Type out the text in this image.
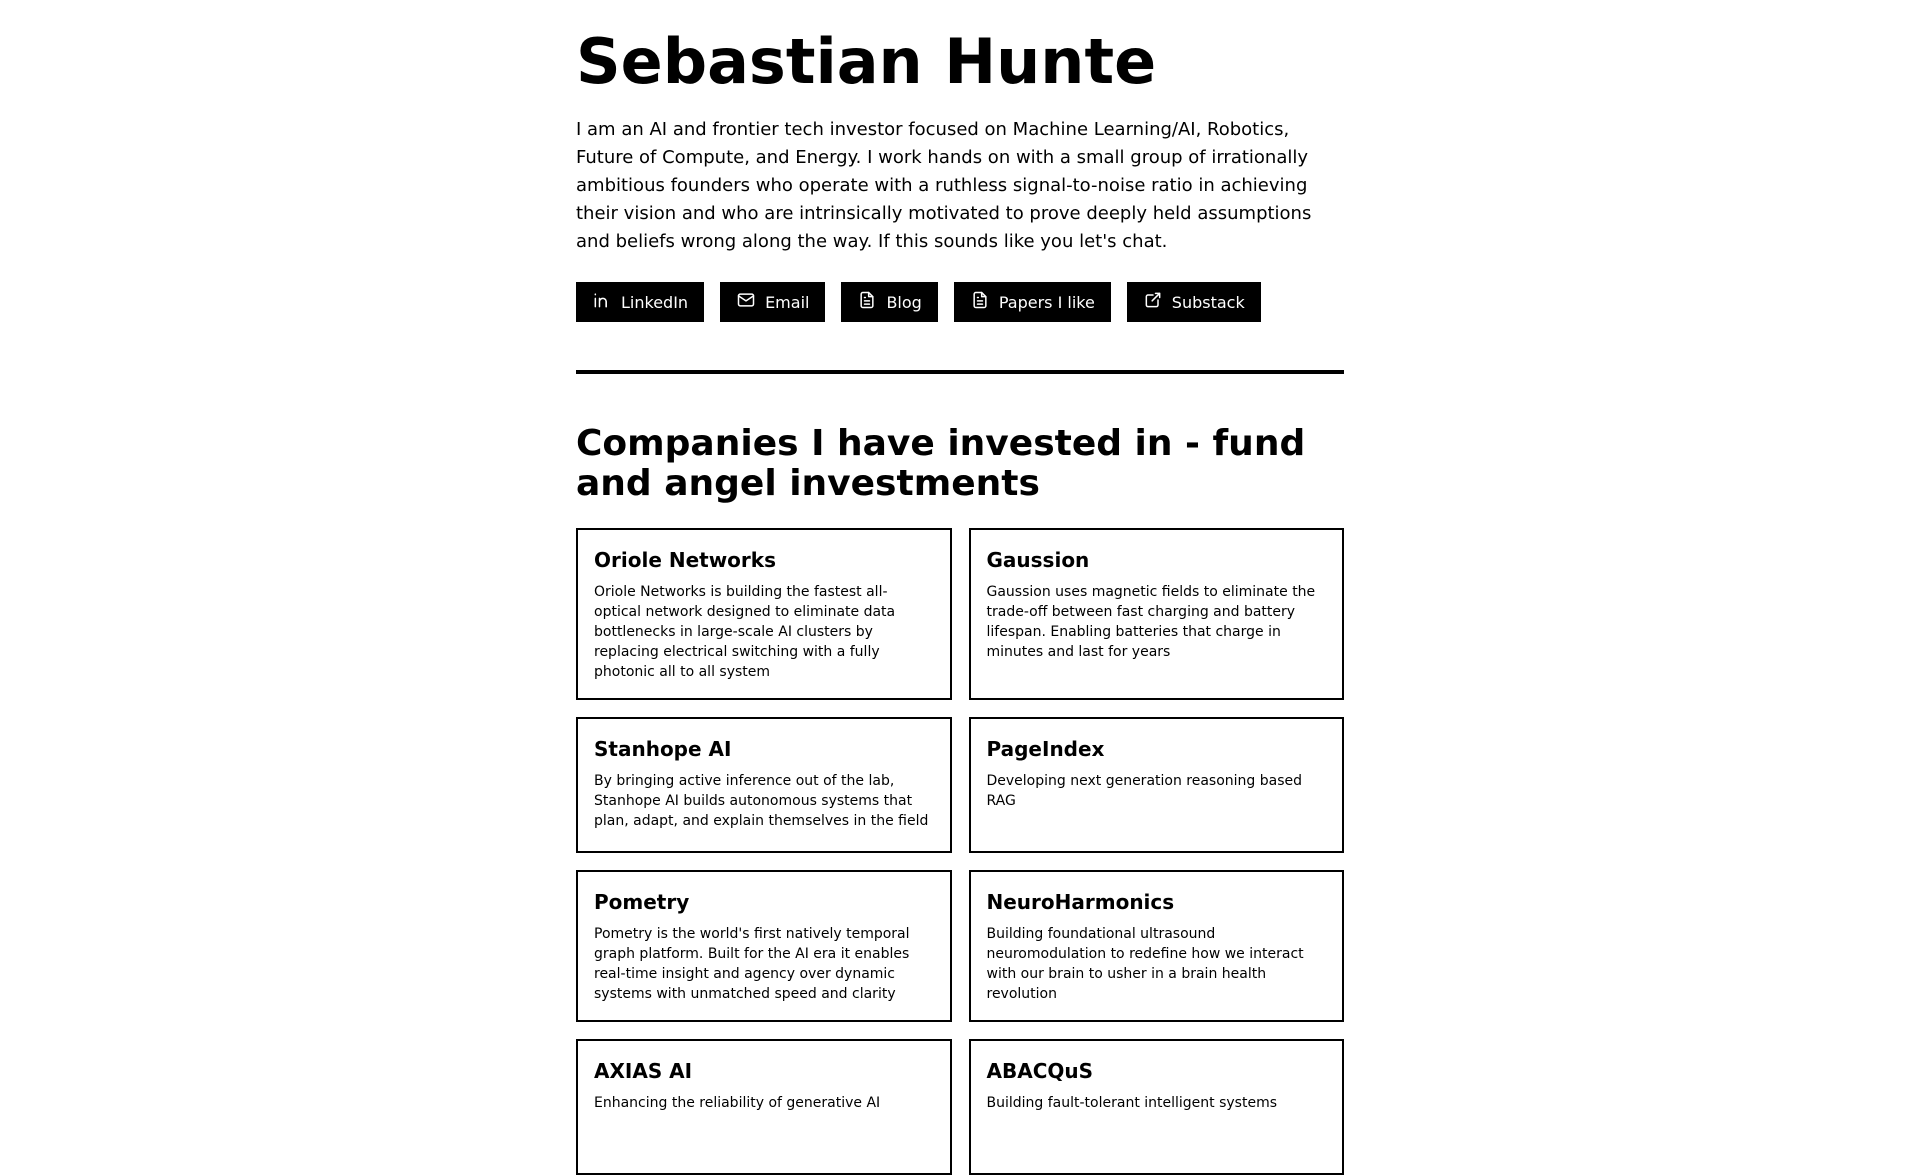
Sebastian Hunte

I am an AI and frontier tech investor focused on Machine Learning/AI, Robotics, Future of Compute, and Energy. I work hands on with a small group of irrationally ambitious founders who operate with a ruthless signal-to-noise ratio in achieving their vision and who are intrinsically motivated to prove deeply held assumptions and beliefs wrong along the way. If this sounds like you let's chat.

LinkedIn	Email	Blog	Papers I like	Substack
Companies I have invested in - fund and angel investments
Oriole Networks

Oriole Networks is building the fastest all-optical network designed to eliminate data bottlenecks in large-scale AI clusters by replacing electrical switching with a fully photonic all to all system

Gaussion

Gaussion uses magnetic fields to eliminate the trade-off between fast charging and battery lifespan. Enabling batteries that charge in minutes and last for years

Stanhope AI

By bringing active inference out of the lab, Stanhope AI builds autonomous systems that plan, adapt, and explain themselves in the field

PageIndex

Developing next generation reasoning based RAG

Pometry

Pometry is the world's first natively temporal graph platform. Built for the AI era it enables real-time insight and agency over dynamic systems with unmatched speed and clarity

NeuroHarmonics

Building foundational ultrasound neuromodulation to redefine how we interact with our brain to usher in a brain health revolution

AXIAS AI

Enhancing the reliability of generative AI

ABACQuS

Building fault-tolerant intelligent systems
